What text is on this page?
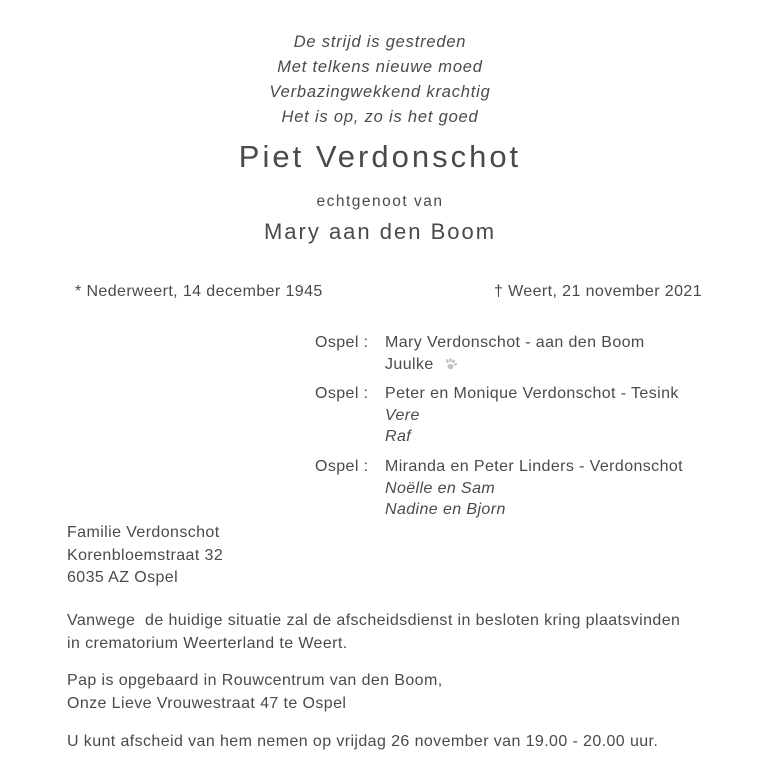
De strijd is gestreden
Met telkens nieuwe moed
Verbazingwekkend krachtig
Het is op, zo is het goed
Piet Verdonschot
echtgenoot van
Mary aan den Boom
* Nederweert, 14 december 1945	† Weert, 21 november 2021
Ospel :	Mary Verdonschot - aan den Boom
Juulke
Ospel :	Peter en Monique Verdonschot - Tesink
Vere
Raf
Ospel :	Miranda en Peter Linders - Verdonschot
Noëlle en Sam
Nadine en Bjorn
Familie Verdonschot
Korenbloemstraat 32
6035 AZ Ospel
Vanwege  de huidige situatie zal de afscheidsdienst in besloten kring plaatsvinden
in crematorium Weerterland te Weert.
Pap is opgebaard in Rouwcentrum van den Boom,
Onze Lieve Vrouwestraat 47 te Ospel
U kunt afscheid van hem nemen op vrijdag 26 november van 19.00 - 20.00 uur.
